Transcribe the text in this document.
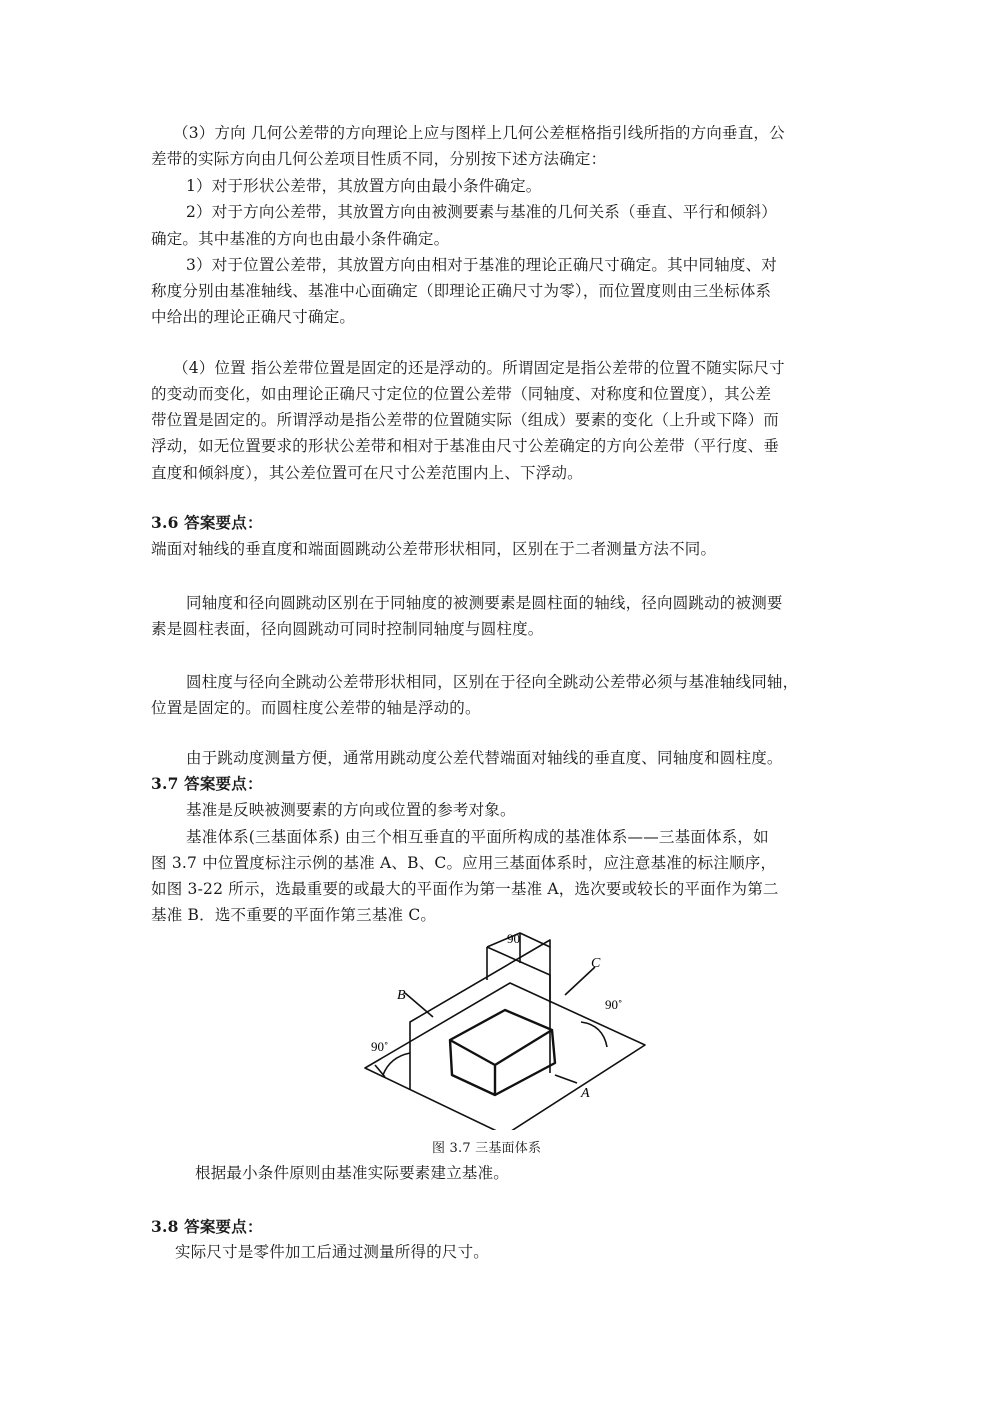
（3）方向 几何公差带的方向理论上应与图样上几何公差框格指引线所指的方向垂直，公
差带的实际方向由几何公差项目性质不同，分别按下述方法确定：
1）对于形状公差带，其放置方向由最小条件确定。
2）对于方向公差带，其放置方向由被测要素与基准的几何关系（垂直、平行和倾斜）
确定。其中基准的方向也由最小条件确定。
3）对于位置公差带，其放置方向由相对于基准的理论正确尺寸确定。其中同轴度、对
称度分别由基准轴线、基准中心面确定（即理论正确尺寸为零），而位置度则由三坐标体系
中给出的理论正确尺寸确定。
（4）位置 指公差带位置是固定的还是浮动的。所谓固定是指公差带的位置不随实际尺寸
的变动而变化，如由理论正确尺寸定位的位置公差带（同轴度、对称度和位置度），其公差
带位置是固定的。所谓浮动是指公差带的位置随实际（组成）要素的变化（上升或下降）而
浮动，如无位置要求的形状公差带和相对于基准由尺寸公差确定的方向公差带（平行度、垂
直度和倾斜度），其公差位置可在尺寸公差范围内上、下浮动。
3.6 答案要点：
端面对轴线的垂直度和端面圆跳动公差带形状相同，区别在于二者测量方法不同。
同轴度和径向圆跳动区别在于同轴度的被测要素是圆柱面的轴线，径向圆跳动的被测要
素是圆柱表面，径向圆跳动可同时控制同轴度与圆柱度。
圆柱度与径向全跳动公差带形状相同，区别在于径向全跳动公差带必须与基准轴线同轴，
位置是固定的。而圆柱度公差带的轴是浮动的。
由于跳动度测量方便，通常用跳动度公差代替端面对轴线的垂直度、同轴度和圆柱度。
3.7 答案要点：
基准是反映被测要素的方向或位置的参考对象。
基准体系(三基面体系) 由三个相互垂直的平面所构成的基准体系——三基面体系，如
图 3.7 中位置度标注示例的基准 A、B、C。应用三基面体系时，应注意基准的标注顺序，
如图 3-22 所示，选最重要的或最大的平面作为第一基准 A，选次要或较长的平面作为第二
基准 B．选不重要的平面作第三基准 C。
90
90˚
90˚
A
B
C
图 3.7 三基面体系
根据最小条件原则由基准实际要素建立基准。
3.8 答案要点：
实际尺寸是零件加工后通过测量所得的尺寸。
